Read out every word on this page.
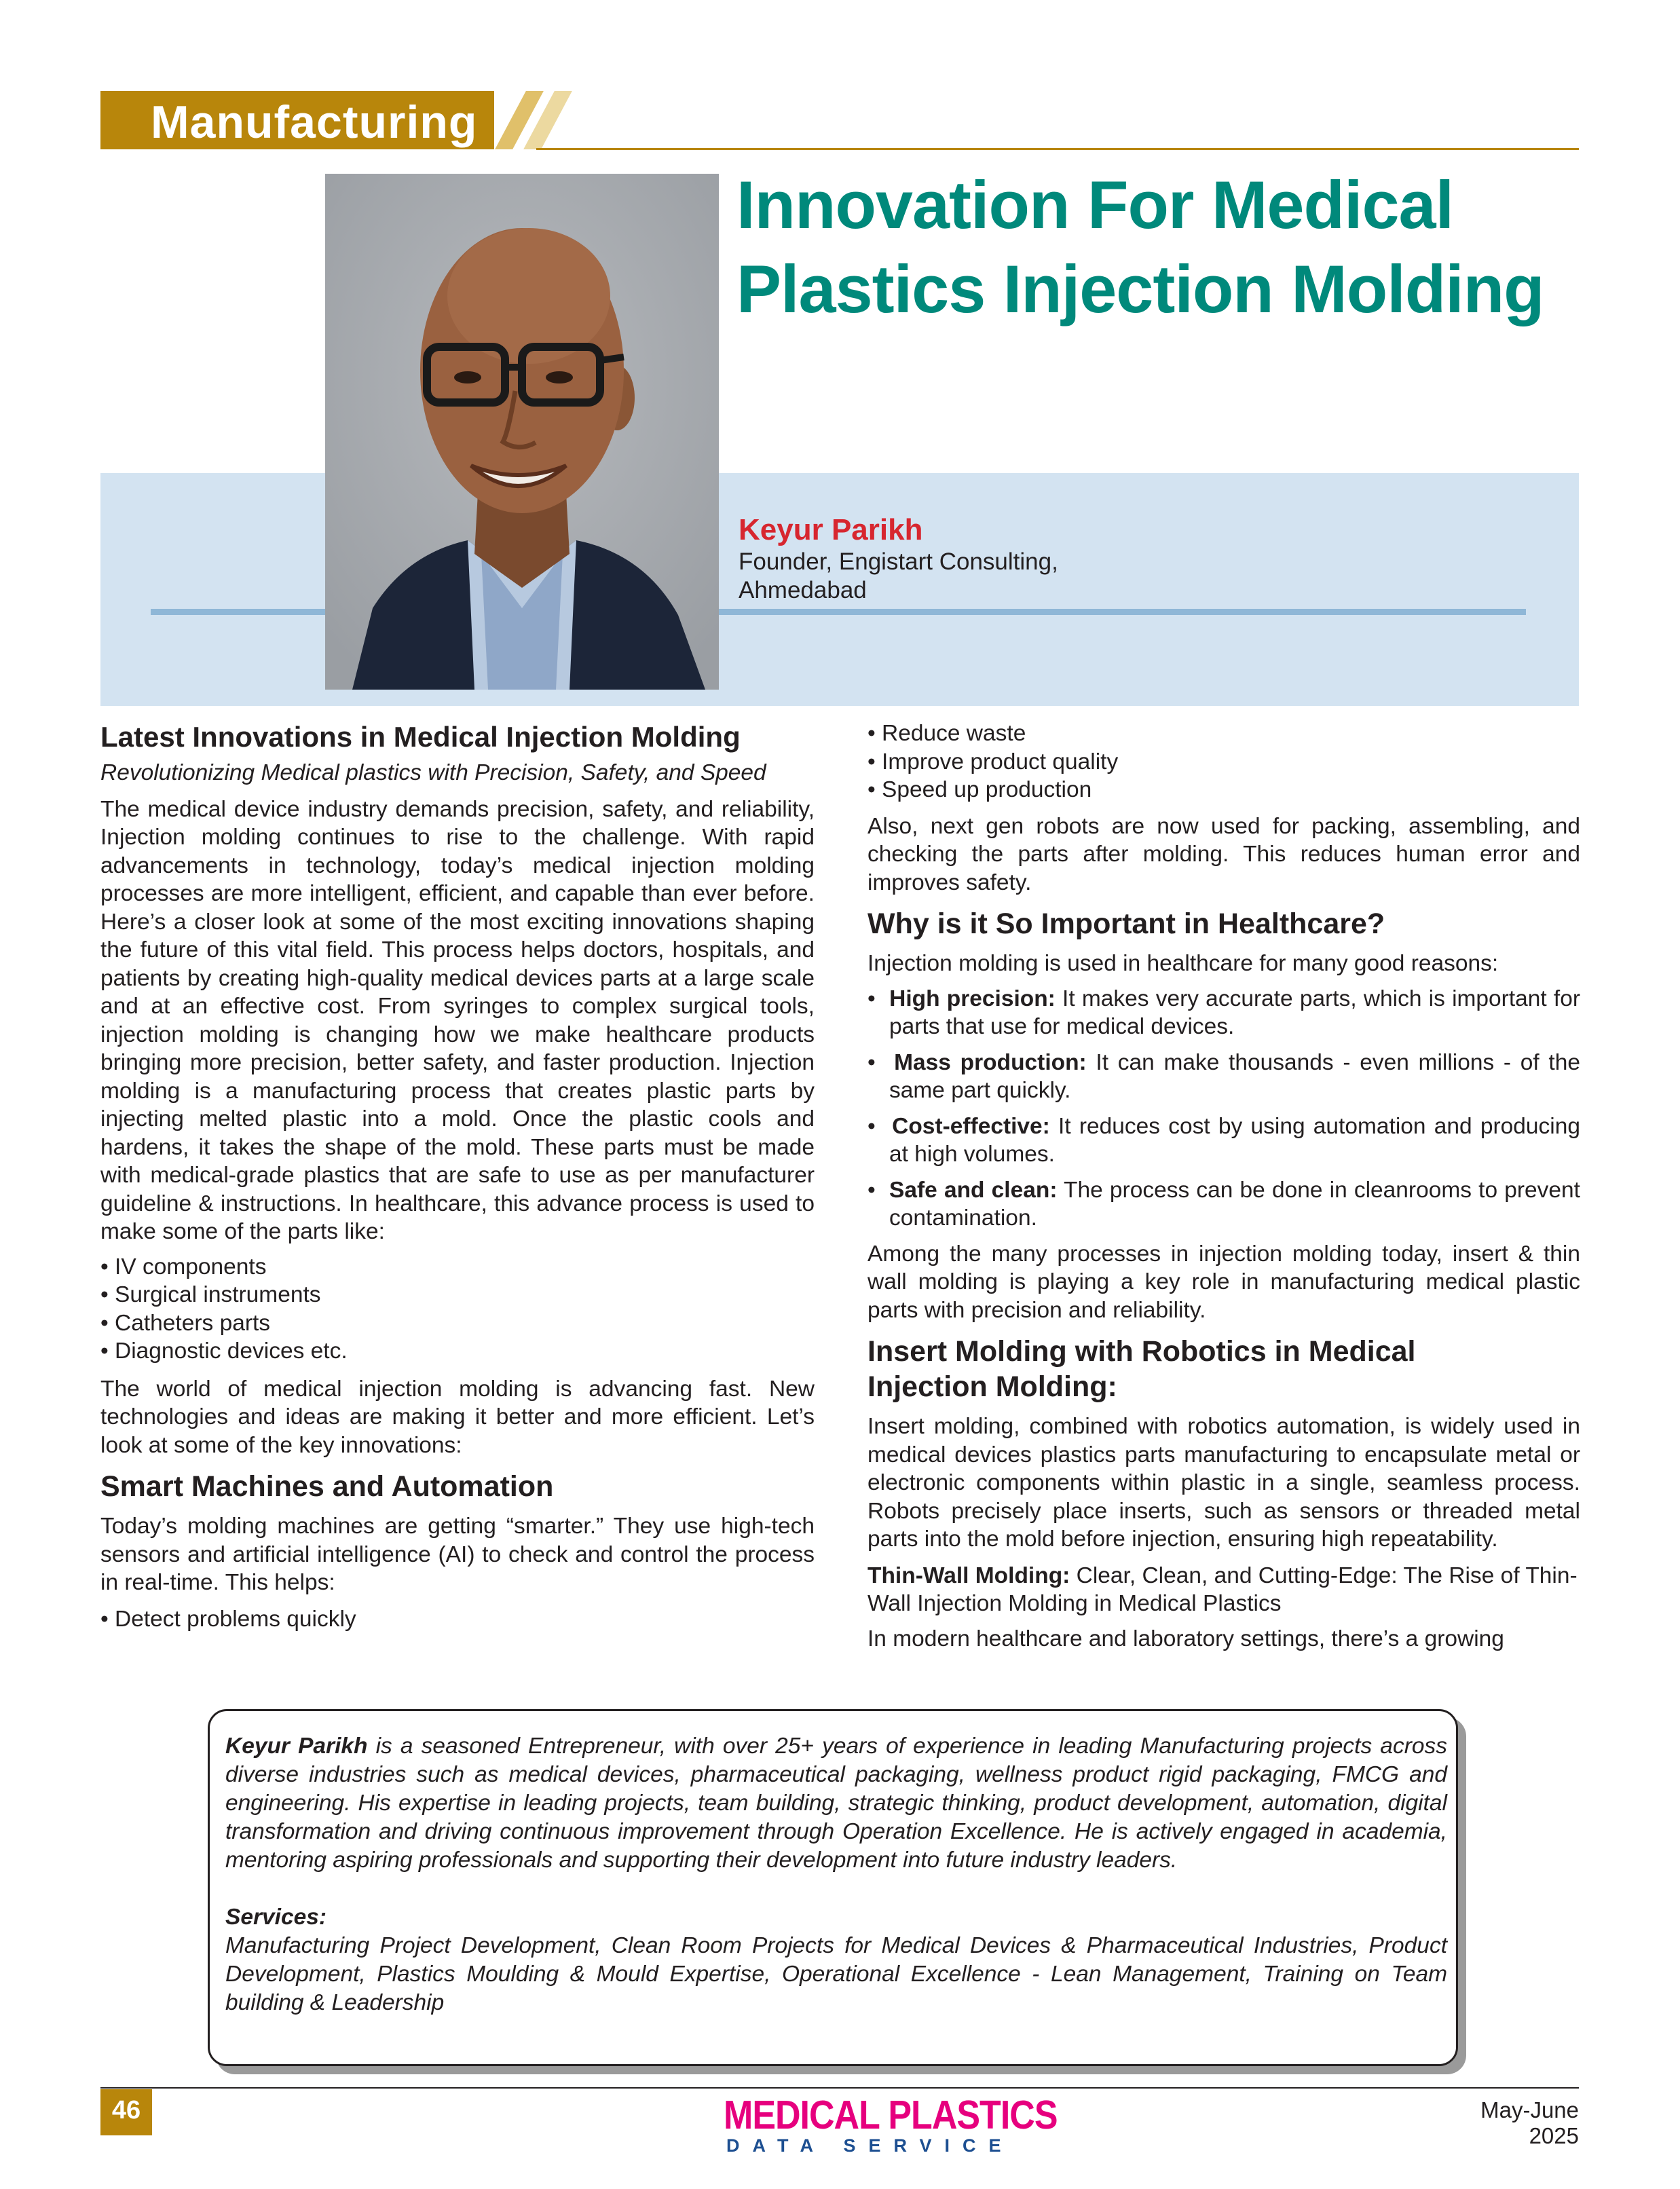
Manufacturing
Innovation For Medical
Plastics Injection Molding
Keyur Parikh
Founder, Engistart Consulting,
Ahmedabad

Latest Innovations in Medical Injection Molding

Revolutionizing Medical plastics with Precision, Safety, and Speed

The medical device industry demands precision, safety, and reliability, Injection molding continues to rise to the challenge. With rapid advancements in technology, today’s medical injection molding processes are more intelligent, efficient, and capable than ever before. Here’s a closer look at some of the most exciting innovations shaping the future of this vital field. This process helps doctors, hospitals, and patients by creating high-quality medical devices parts at a large scale and at an effective cost. From syringes to complex surgical tools, injection molding is changing how we make healthcare products bringing more precision, better safety, and faster production. Injection molding is a manufacturing process that creates plastic parts by injecting melted plastic into a mold. Once the plastic cools and hardens, it takes the shape of the mold. These parts must be made with medical-grade plastics that are safe to use as per manufacturer guideline & instructions. In healthcare, this advance process is used to make some of the parts like:

• IV components
• Surgical instruments
• Catheters parts
• Diagnostic devices etc.

The world of medical injection molding is advancing fast. New technologies and ideas are making it better and more efficient. Let’s look at some of the key innovations:

Smart Machines and Automation

Today’s molding machines are getting “smarter.” They use high-tech sensors and artificial intelligence (AI) to check and control the process in real-time. This helps:

• Detect problems quickly

• Reduce waste
• Improve product quality
• Speed up production

Also, next gen robots are now used for packing, assembling, and checking the parts after molding. This reduces human error and improves safety.

Why is it So Important in Healthcare?

Injection molding is used in healthcare for many good reasons:

• High precision: It makes very accurate parts, which is important for parts that use for medical devices.
• Mass production: It can make thousands - even millions - of the same part quickly.
• Cost-effective: It reduces cost by using automation and producing at high volumes.
• Safe and clean: The process can be done in cleanrooms to prevent contamination.

Among the many processes in injection molding today, insert & thin wall molding is playing a key role in manufacturing medical plastic parts with precision and reliability.

Insert Molding with Robotics in Medical
Injection Molding:

Insert molding, combined with robotics automation, is widely used in medical devices plastics parts manufacturing to encapsulate metal or electronic components within plastic in a single, seamless process. Robots precisely place inserts, such as sensors or threaded metal parts into the mold before injection, ensuring high repeatability.

Thin-Wall Molding: Clear, Clean, and Cutting-Edge: The Rise of Thin-Wall Injection Molding in Medical Plastics

In modern healthcare and laboratory settings, there’s a growing

Keyur Parikh is a seasoned Entrepreneur, with over 25+ years of experience in leading Manufacturing projects across diverse industries such as medical devices, pharmaceutical packaging, wellness product rigid packaging, FMCG and engineering. His expertise in leading projects, team building, strategic thinking, product development, automation, digital transformation and driving continuous improvement through Operation Excellence. He is actively engaged in academia, mentoring aspiring professionals and supporting their development into future industry leaders.

Services:

Manufacturing Project Development, Clean Room Projects for Medical Devices & Pharmaceutical Industries, Product Development, Plastics Moulding & Mould Expertise, Operational Excellence - Lean Management, Training on Team building & Leadership

46	MEDICAL PLASTICS
DATA SERVICE
May-June 2025
